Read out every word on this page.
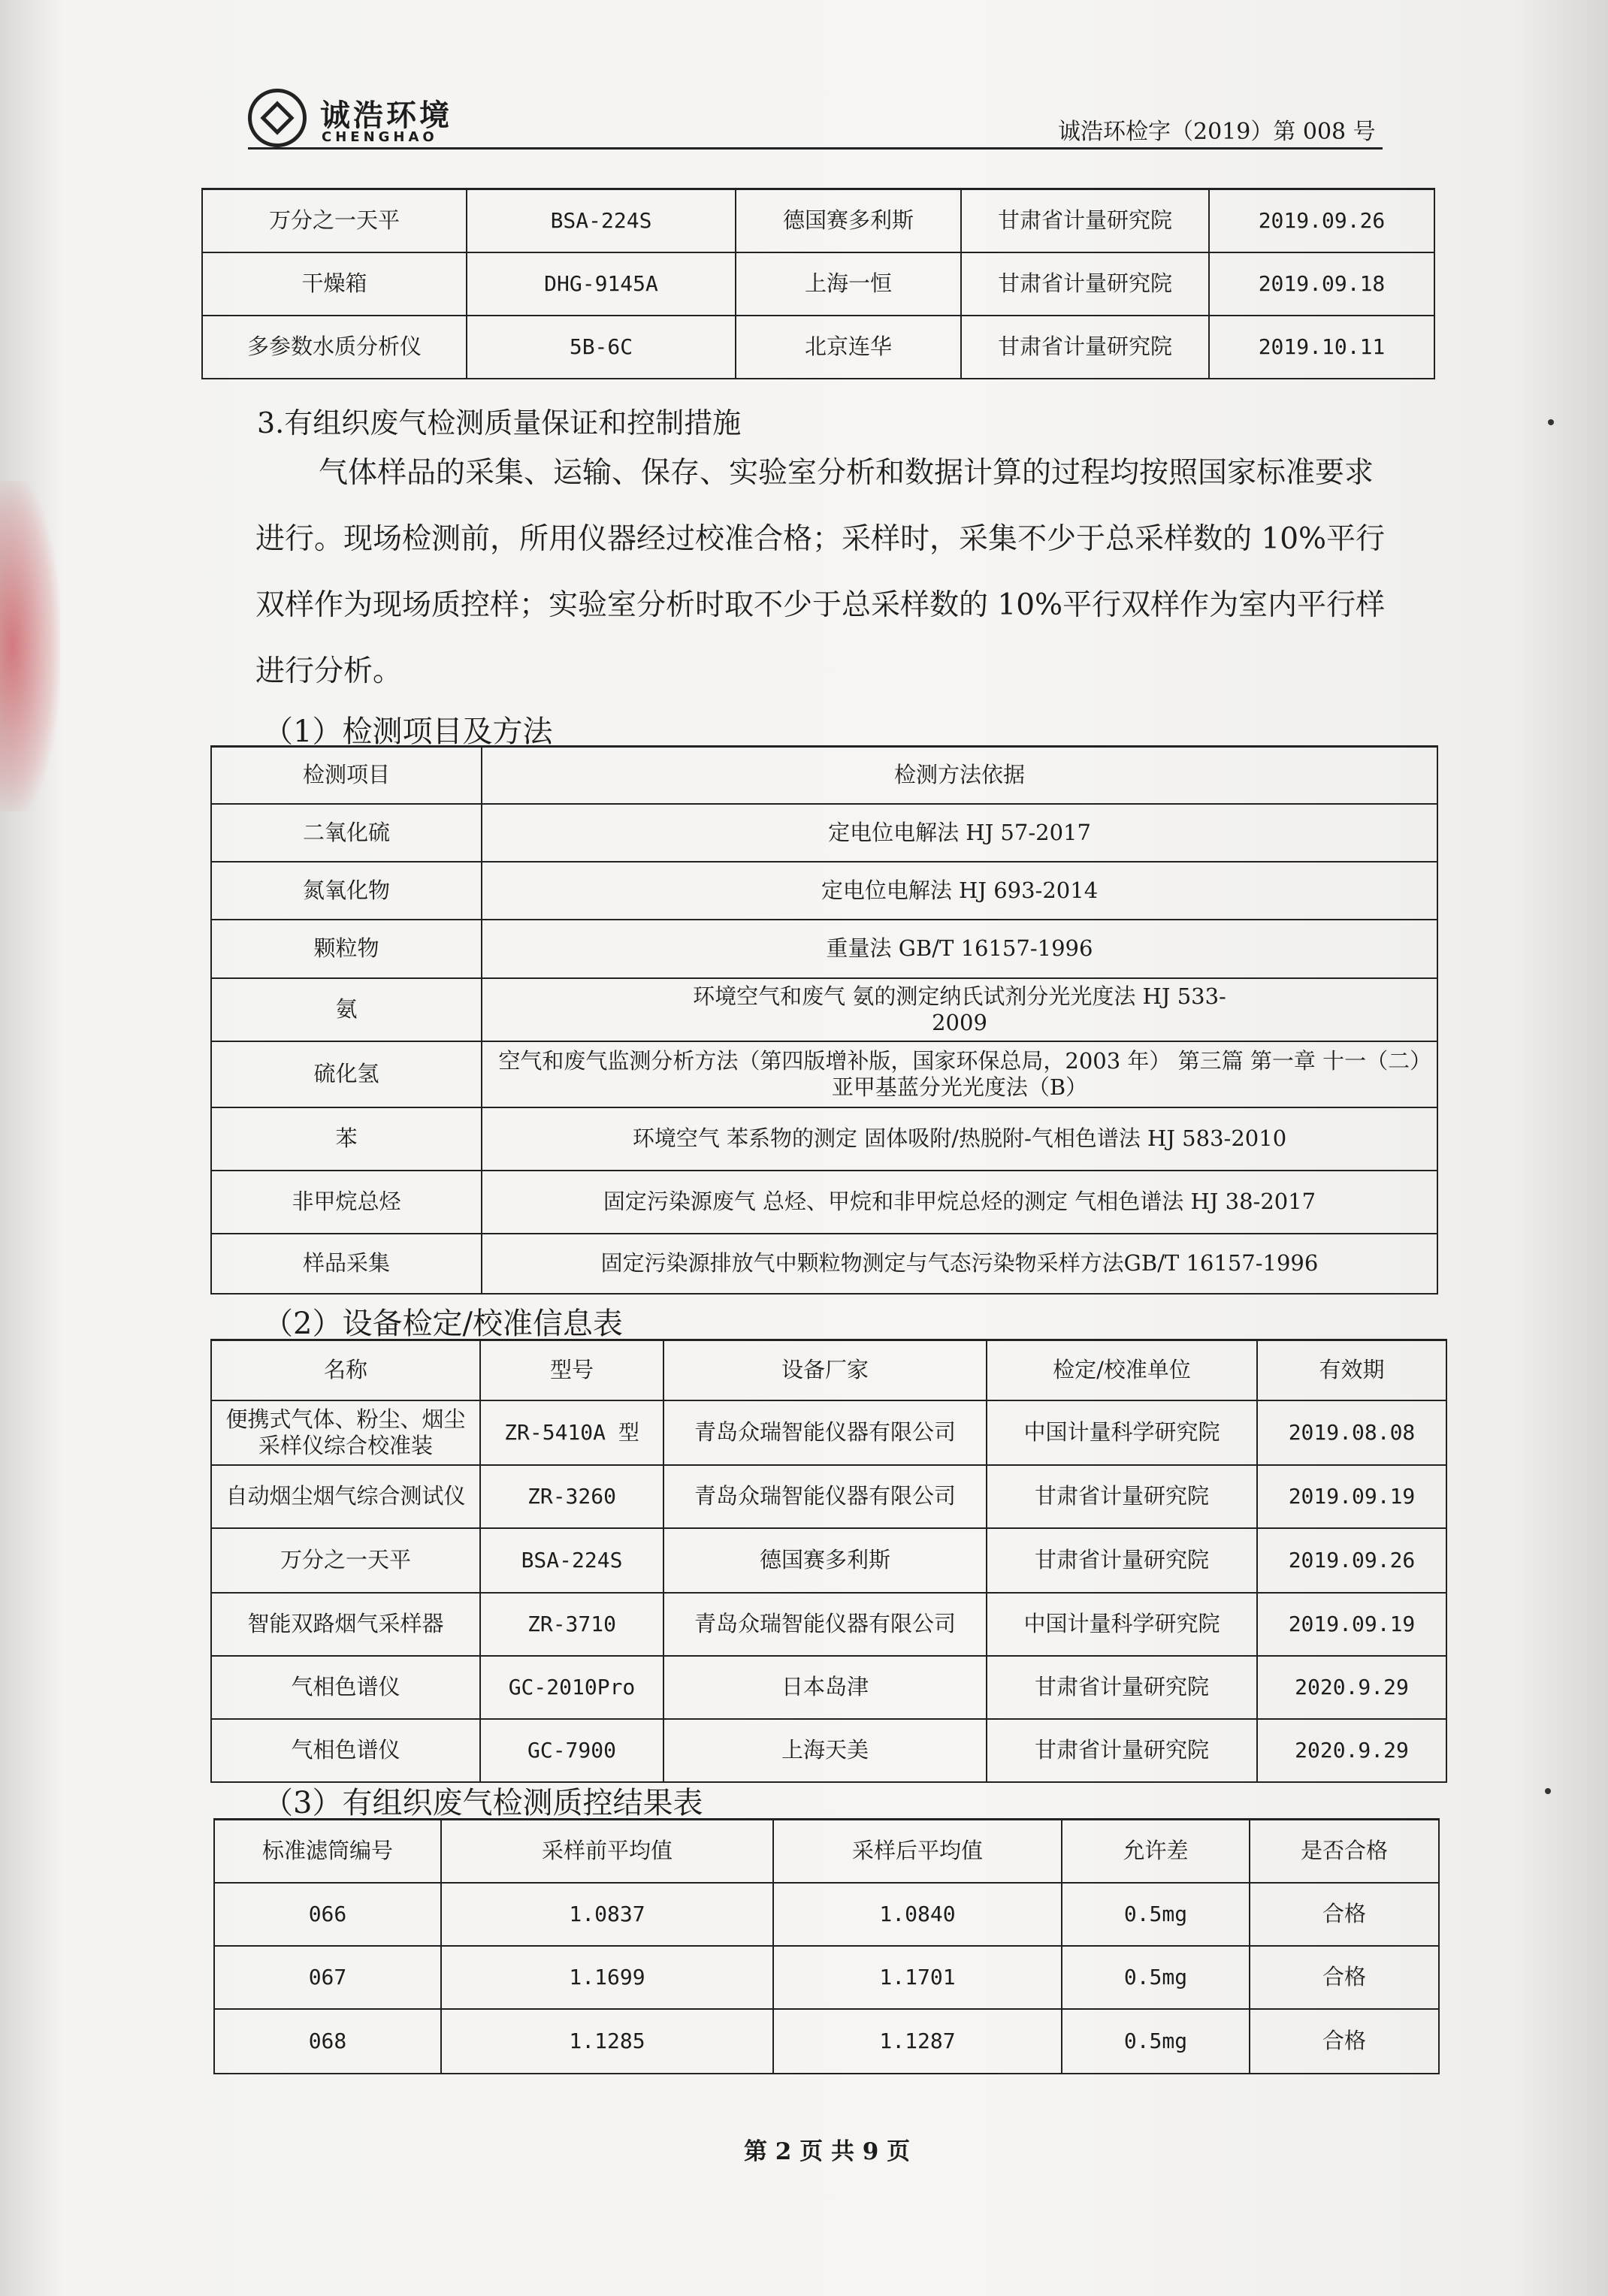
诚浩环境
CHENGHAO	诚浩环检字（2019）第 008 号
万分之一天平	BSA-224S	德国赛多利斯	甘肃省计量研究院	2019.09.26
干燥箱	DHG-9145A	上海一恒	甘肃省计量研究院	2019.09.18
多参数水质分析仪	5B-6C	北京连华	甘肃省计量研究院	2019.10.11
3.有组织废气检测质量保证和控制措施
气体样品的采集、运输、保存、实验室分析和数据计算的过程均按照国家标准要求进行。现场检测前，所用仪器经过校准合格；采样时，采集不少于总采样数的 10%平行双样作为现场质控样；实验室分析时取不少于总采样数的 10%平行双样作为室内平行样进行分析。
（1）检测项目及方法
检测项目	检测方法依据
二氧化硫	定电位电解法 HJ 57-2017
氮氧化物	定电位电解法 HJ 693-2014
颗粒物	重量法 GB/T 16157-1996
氨	环境空气和废气 氨的测定纳氏试剂分光光度法 HJ 533-2009
硫化氢	空气和废气监测分析方法（第四版增补版，国家环保总局，2003 年） 第三篇 第一章 十一（二）亚甲基蓝分光光度法（B）
苯	环境空气 苯系物的测定 固体吸附/热脱附-气相色谱法 HJ 583-2010
非甲烷总烃	固定污染源废气 总烃、甲烷和非甲烷总烃的测定 气相色谱法 HJ 38-2017
样品采集	固定污染源排放气中颗粒物测定与气态污染物采样方法GB/T 16157-1996
（2）设备检定/校准信息表
名称	型号	设备厂家	检定/校准单位	有效期
便携式气体、粉尘、烟尘采样仪综合校准装	ZR-5410A 型	青岛众瑞智能仪器有限公司	中国计量科学研究院	2019.08.08
自动烟尘烟气综合测试仪	ZR-3260	青岛众瑞智能仪器有限公司	甘肃省计量研究院	2019.09.19
万分之一天平	BSA-224S	德国赛多利斯	甘肃省计量研究院	2019.09.26
智能双路烟气采样器	ZR-3710	青岛众瑞智能仪器有限公司	中国计量科学研究院	2019.09.19
气相色谱仪	GC-2010Pro	日本岛津	甘肃省计量研究院	2020.9.29
气相色谱仪	GC-7900	上海天美	甘肃省计量研究院	2020.9.29
（3）有组织废气检测质控结果表
标准滤筒编号	采样前平均值	采样后平均值	允许差	是否合格
066	1.0837	1.0840	0.5mg	合格
067	1.1699	1.1701	0.5mg	合格
068	1.1285	1.1287	0.5mg	合格
第 2 页 共 9 页
